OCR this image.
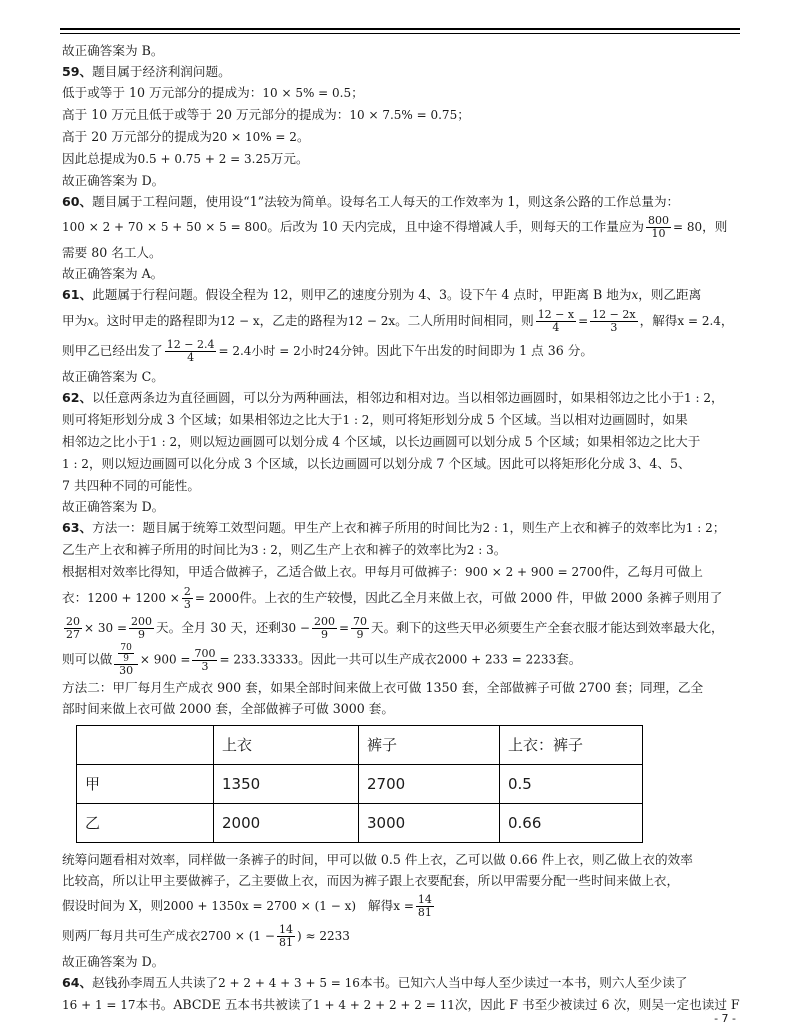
故正确答案为 B。

59、题目属于经济利润问题。

低于或等于 10 万元部分的提成为：10 × 5% = 0.5；

高于 10 万元且低于或等于 20 万元部分的提成为：10 × 7.5% = 0.75；

高于 20 万元部分的提成为20 × 10% = 2。

因此总提成为0.5 + 0.75 + 2 = 3.25万元。

故正确答案为 D。

60、题目属于工程问题，使用设“1”法较为简单。设每名工人每天的工作效率为 1，则这条公路的工作总量为：

100 × 2 + 70 × 5 + 50 × 5 = 800。后改为 10 天内完成，且中途不得增减人手，则每天的工作量应为 $\frac{800}{10} = 80$，则

需要 80 名工人。

故正确答案为 A。

61、此题属于行程问题。假设全程为 12，则甲乙的速度分别为 4、3。设下午 4 点时，甲距离 B 地为x，则乙距离

甲为x。这时甲走的路程即为12 − x，乙走的路程为12 − 2x。二人所用时间相同，则 $\frac{12 - x}{4} = \frac{12 - 2x}{3}$ ，解得x = 2.4，

则甲乙已经出发了 $\frac{12 - 2.4}{4} = 2.4$小时 = 2小时24分钟。因此下午出发的时间即为 1 点 36 分。

故正确答案为 C。

62、以任意两条边为直径画圆，可以分为两种画法，相邻边和相对边。当以相邻边画圆时，如果相邻边之比小于1 : 2，

则可将矩形划分成 3 个区域；如果相邻边之比大于1 : 2，则可将矩形划分成 5 个区域。当以相对边画圆时，如果

相邻边之比小于1 : 2，则以短边画圆可以划分成 4 个区域，以长边画圆可以划分成 5 个区域；如果相邻边之比大于

1 : 2，则以短边画圆可以化分成 3 个区域，以长边画圆可以划分成 7 个区域。因此可以将矩形化分成 3、4、5、

7 共四种不同的可能性。

故正确答案为 D。

63、方法一：题目属于统筹工效型问题。甲生产上衣和裤子所用的时间比为2 : 1，则生产上衣和裤子的效率比为1 : 2；

乙生产上衣和裤子所用的时间比为3 : 2，则乙生产上衣和裤子的效率比为2 : 3。

根据相对效率比得知，甲适合做裤子，乙适合做上衣。甲每月可做裤子：900 × 2 + 900 = 2700件，乙每月可做上

衣：$1200 + 1200 \times \frac{2}{3} = 2000$件。上衣的生产较慢，因此乙全月来做上衣，可做 2000 件，甲做 2000 条裤子则用了

$\frac{20}{27} \times 30 = \frac{200}{9}$ 天。全月 30 天，还剩$30 - \frac{200}{9} = \frac{70}{9}$ 天。剩下的这些天甲必须要生产全套衣服才能达到效率最大化，

则可以做 $\frac{\frac{70}{9}}{30} \times 900 = \frac{700}{3} = 233.33333$。因此一共可以生产成衣2000 + 233 = 2233套。

方法二：甲厂每月生产成衣 900 套，如果全部时间来做上衣可做 1350 套，全部做裤子可做 2700 套；同理，乙全

部时间来做上衣可做 2000 套，全部做裤子可做 3000 套。

	上衣	裤子	上衣：裤子
甲	1350	2700	0.5
乙	2000	3000	0.66

统筹问题看相对效率，同样做一条裤子的时间，甲可以做 0.5 件上衣，乙可以做 0.66 件上衣，则乙做上衣的效率

比较高，所以让甲主要做裤子，乙主要做上衣，而因为裤子跟上衣要配套，所以甲需要分配一些时间来做上衣，

假设时间为 X，则2000 + 1350x = 2700 × (1 − x) 解得$x = \frac{14}{81}$

则两厂每月共可生产成衣$2700 \times (1 - \frac{14}{81}$ ) ≈ 2233

故正确答案为 D。

64、赵钱孙李周五人共读了2 + 2 + 4 + 3 + 5 = 16本书。已知六人当中每人至少读过一本书，则六人至少读了

16 + 1 = 17本书。ABCDE 五本书共被读了1 + 4 + 2 + 2 + 2 = 11次，因此 F 书至少被读过 6 次，则吴一定也读过 F

- 7 -
